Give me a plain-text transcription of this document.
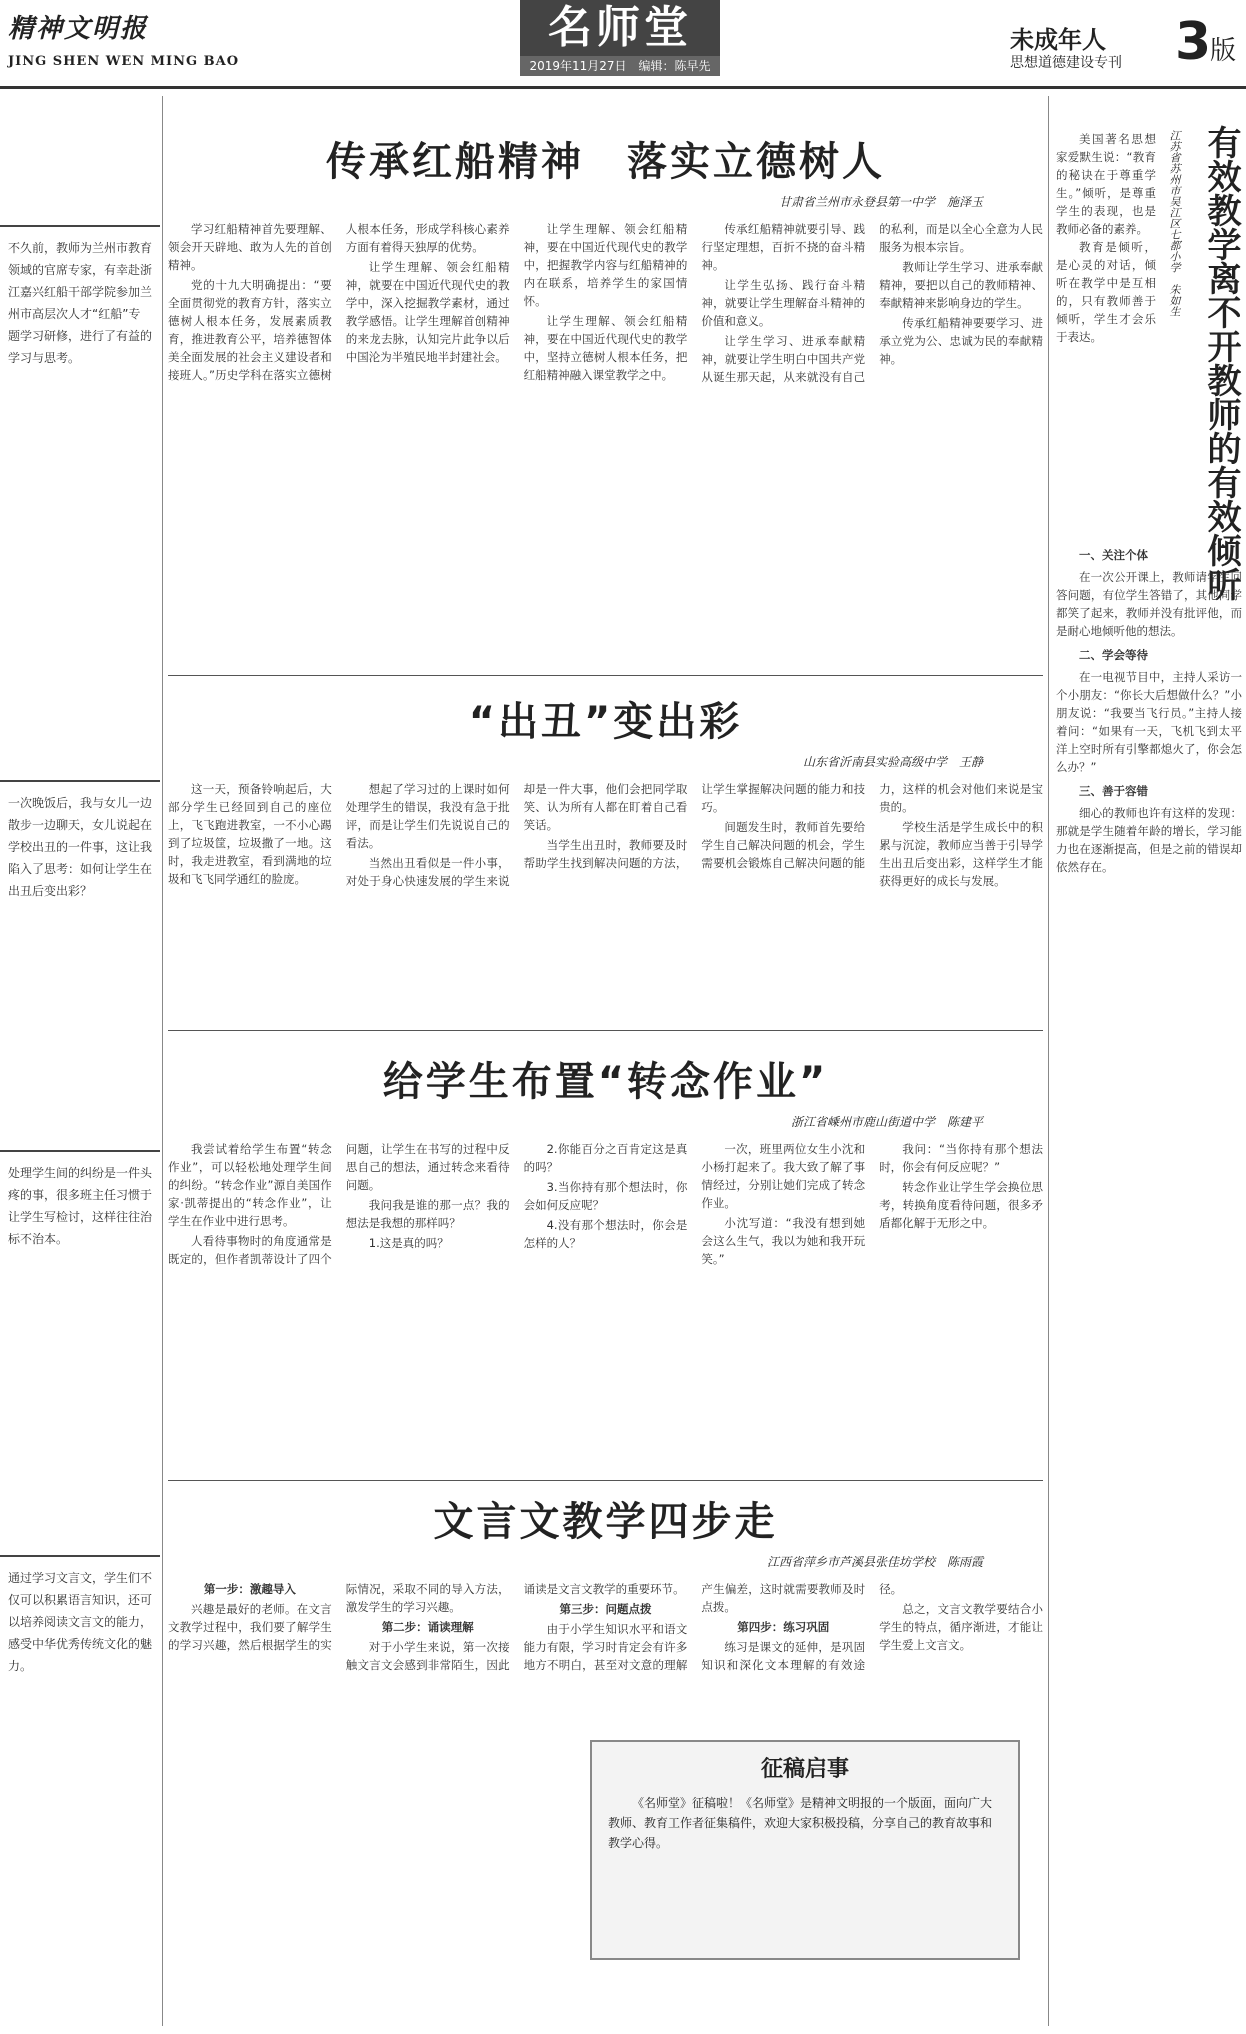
精神文明报
JING SHEN WEN MING BAO
名师堂
2019年11月27日　 编辑：陈早先
未成年人
思想道德建设专刊 3
版

不久前，教师为兰州市教育领域的官席专家，有幸赴浙江嘉兴红船干部学院参加兰州市高层次人才“红船”专题学习研修，进行了有益的学习与思考。

一次晚饭后，我与女儿一边散步一边聊天，女儿说起在学校出丑的一件事，这让我陷入了思考：如何让学生在出丑后变出彩？

处理学生间的纠纷是一件头疼的事，很多班主任习惯于让学生写检讨，这样往往治标不治本。

通过学习文言文，学生们不仅可以积累语言知识，还可以培养阅读文言文的能力，感受中华优秀传统文化的魅力。

传承红船精神　落实立德树人
甘肃省兰州市永登县第一中学　施泽玉

学习红船精神首先要理解、领会开天辟地、敢为人先的首创精神。

党的十九大明确提出：“要全面贯彻党的教育方针，落实立德树人根本任务，发展素质教育，推进教育公平，培养德智体美全面发展的社会主义建设者和接班人。”历史学科在落实立德树人根本任务，形成学科核心素养方面有着得天独厚的优势。

让学生理解、领会红船精神，就要在中国近代现代史的教学中，深入挖掘教学素材，通过教学感悟。让学生理解首创精神的来龙去脉，认知完片此争以后中国沦为半殖民地半封建社会。

让学生理解、领会红船精神，要在中国近代现代史的教学中，把握教学内容与红船精神的内在联系，培养学生的家国情怀。

让学生理解、领会红船精神，要在中国近代现代史的教学中，坚持立德树人根本任务，把红船精神融入课堂教学之中。

传承红船精神就要引导、践行坚定理想，百折不挠的奋斗精神。

让学生弘扬、践行奋斗精神，就要让学生理解奋斗精神的价值和意义。

让学生学习、进承奉献精神，就要让学生明白中国共产党从诞生那天起，从来就没有自己的私利，而是以全心全意为人民服务为根本宗旨。

教师让学生学习、进承奉献精神，要把以自己的教师精神、奉献精神来影响身边的学生。

传承红船精神要要学习、进承立党为公、忠诚为民的奉献精神。

“出丑”变出彩
山东省沂南县实验高级中学　王静

这一天，预备铃响起后，大部分学生已经回到自己的座位上，飞飞跑进教室，一不小心踢到了垃圾筐，垃圾撒了一地。这时，我走进教室，看到满地的垃圾和飞飞同学通红的脸庞。

想起了学习过的上课时如何处理学生的错误，我没有急于批评，而是让学生们先说说自己的看法。

当然出丑看似是一件小事，对处于身心快速发展的学生来说却是一件大事，他们会把同学取笑、认为所有人都在盯着自己看笑话。

当学生出丑时，教师要及时帮助学生找到解决问题的方法，让学生掌握解决问题的能力和技巧。

间题发生时，教师首先要给学生自己解决问题的机会，学生需要机会锻炼自己解决问题的能力，这样的机会对他们来说是宝贵的。

学校生活是学生成长中的积累与沉淀，教师应当善于引导学生出丑后变出彩，这样学生才能获得更好的成长与发展。

给学生布置“转念作业”
浙江省嵊州市鹿山街道中学　陈建平

我尝试着给学生布置“转念作业”，可以轻松地处理学生间的纠纷。“转念作业”源自美国作家·凯蒂提出的“转念作业”，让学生在作业中进行思考。

人看待事物时的角度通常是既定的，但作者凯蒂设计了四个问题，让学生在书写的过程中反思自己的想法，通过转念来看待问题。

我问我是谁的那一点？我的想法是我想的那样吗？

1.这是真的吗？

2.你能百分之百肯定这是真的吗？

3.当你持有那个想法时，你会如何反应呢？

4.没有那个想法时，你会是怎样的人？

一次，班里两位女生小沈和小杨打起来了。我大致了解了事情经过，分别让她们完成了转念作业。

小沈写道：“我没有想到她会这么生气，我以为她和我开玩笑。”

我问：“当你持有那个想法时，你会有何反应呢？”

转念作业让学生学会换位思考，转换角度看待问题，很多矛盾都化解于无形之中。

文言文教学四步走
江西省萍乡市芦溪县张佳坊学校　陈雨霞

第一步：激趣导入

兴趣是最好的老师。在文言文教学过程中，我们要了解学生的学习兴趣，然后根据学生的实际情况，采取不同的导入方法，激发学生的学习兴趣。

第二步：诵读理解

对于小学生来说，第一次接触文言文会感到非常陌生，因此诵读是文言文教学的重要环节。

第三步：问题点拨

由于小学生知识水平和语文能力有限，学习时肯定会有许多地方不明白，甚至对文意的理解产生偏差，这时就需要教师及时点拨。

第四步：练习巩固

练习是课文的延伸，是巩固知识和深化文本理解的有效途径。

总之，文言文教学要结合小学生的特点，循序渐进，才能让学生爱上文言文。

征稿启事

《名师堂》征稿啦！《名师堂》是精神文明报的一个版面，面向广大教师、教育工作者征集稿件，欢迎大家积极投稿，分享自己的教育故事和教学心得。

有效教学离不开教师的有效倾听
江苏省苏州市吴江区七都小学　朱如生

美国著名思想家爱默生说：“教育的秘诀在于尊重学生。”倾听，是尊重学生的表现，也是教师必备的素养。

教育是倾听，是心灵的对话，倾听在教学中是互相的，只有教师善于倾听，学生才会乐于表达。

一、关注个体

在一次公开课上，教师请学生回答问题，有位学生答错了，其他同学都笑了起来，教师并没有批评他，而是耐心地倾听他的想法。

二、学会等待

在一电视节目中，主持人采访一个小朋友：“你长大后想做什么？”小朋友说：“我要当飞行员。”主持人接着问：“如果有一天，飞机飞到太平洋上空时所有引擎都熄火了，你会怎么办？”

三、善于容错

细心的教师也许有这样的发现：那就是学生随着年龄的增长，学习能力也在逐渐提高，但是之前的错误却依然存在。
